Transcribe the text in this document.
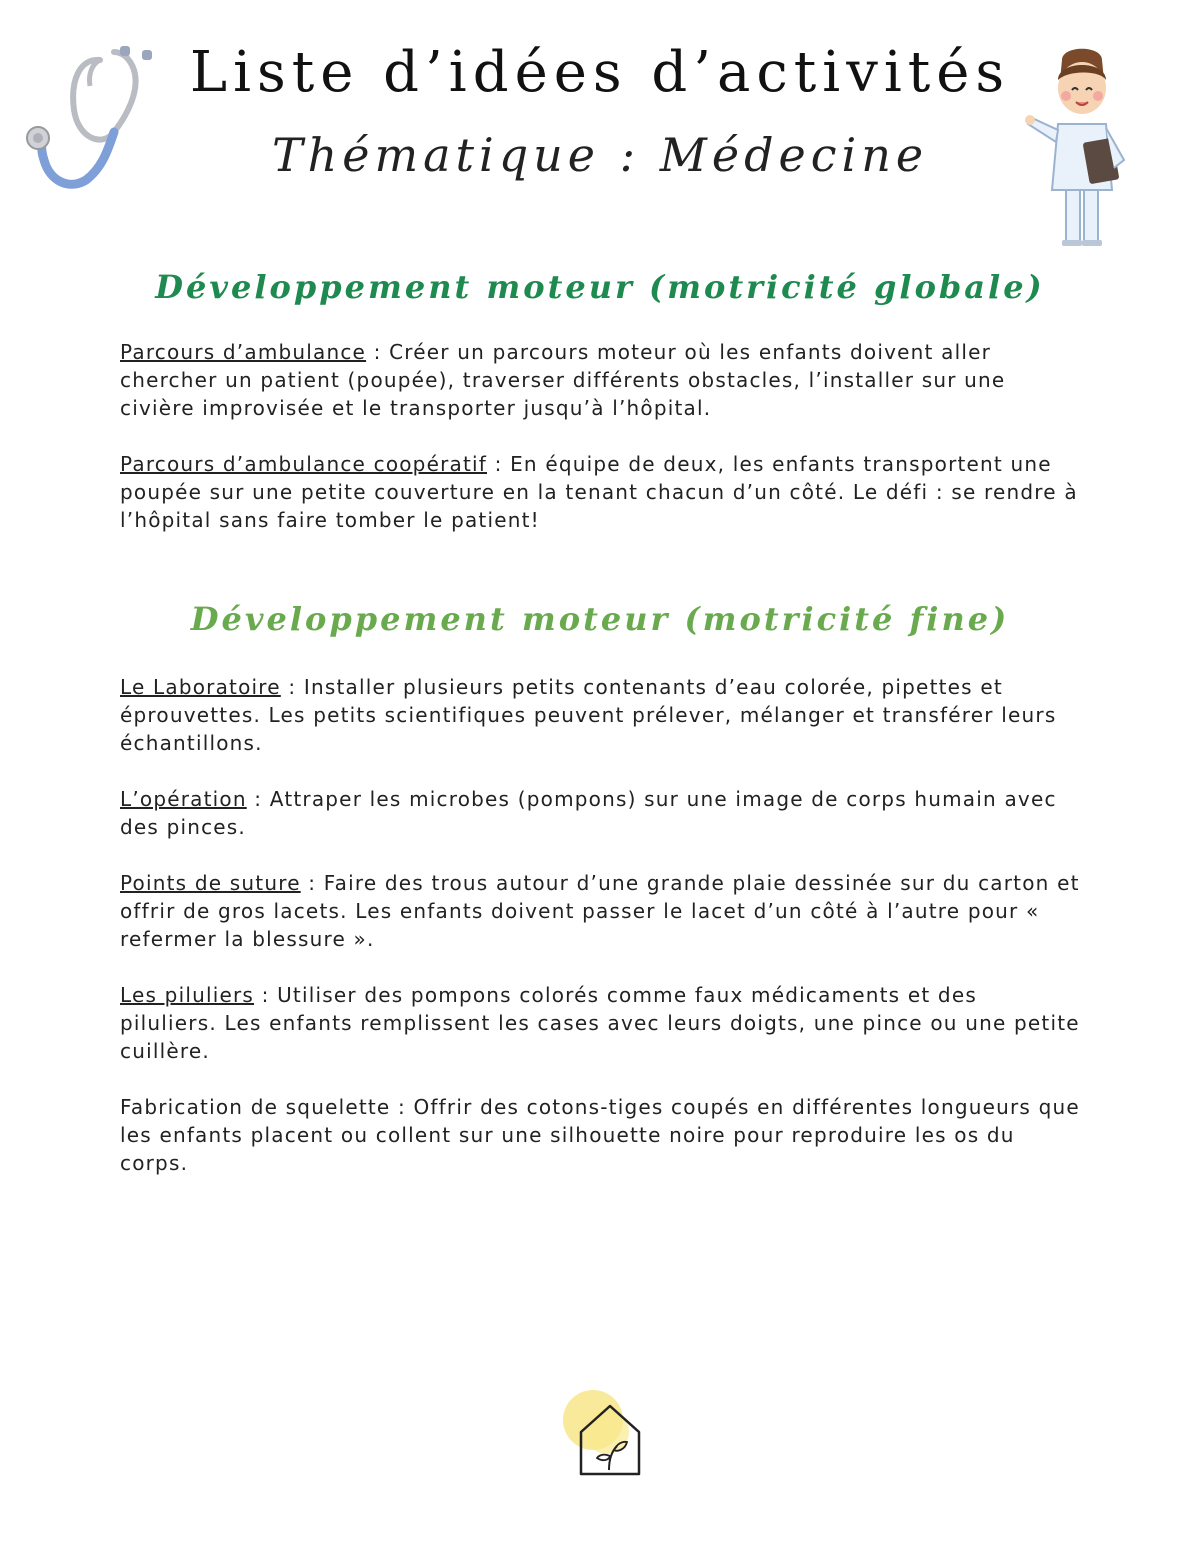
Liste d’idées d’activités
Thématique : Médecine
Développement moteur (motricité globale)

Parcours d’ambulance : Créer un parcours moteur où les enfants doivent aller chercher un patient (poupée), traverser différents obstacles, l’installer sur une civière improvisée et le transporter jusqu’à l’hôpital.

Parcours d’ambulance coopératif : En équipe de deux, les enfants transportent une poupée sur une petite couverture en la tenant chacun d’un côté. Le défi : se rendre à l’hôpital sans faire tomber le patient!

Développement moteur (motricité fine)

Le Laboratoire : Installer plusieurs petits contenants d’eau colorée, pipettes et éprouvettes. Les petits scientifiques peuvent prélever, mélanger et transférer leurs échantillons.

L’opération : Attraper les microbes (pompons) sur une image de corps humain avec des pinces.

Points de suture : Faire des trous autour d’une grande plaie dessinée sur du carton et offrir de gros lacets. Les enfants doivent passer le lacet d’un côté à l’autre pour « refermer la blessure ».

Les piluliers : Utiliser des pompons colorés comme faux médicaments et des piluliers. Les enfants remplissent les cases avec leurs doigts, une pince ou une petite cuillère.

Fabrication de squelette : Offrir des cotons-tiges coupés en différentes longueurs que les enfants placent ou collent sur une silhouette noire pour reproduire les os du corps.
